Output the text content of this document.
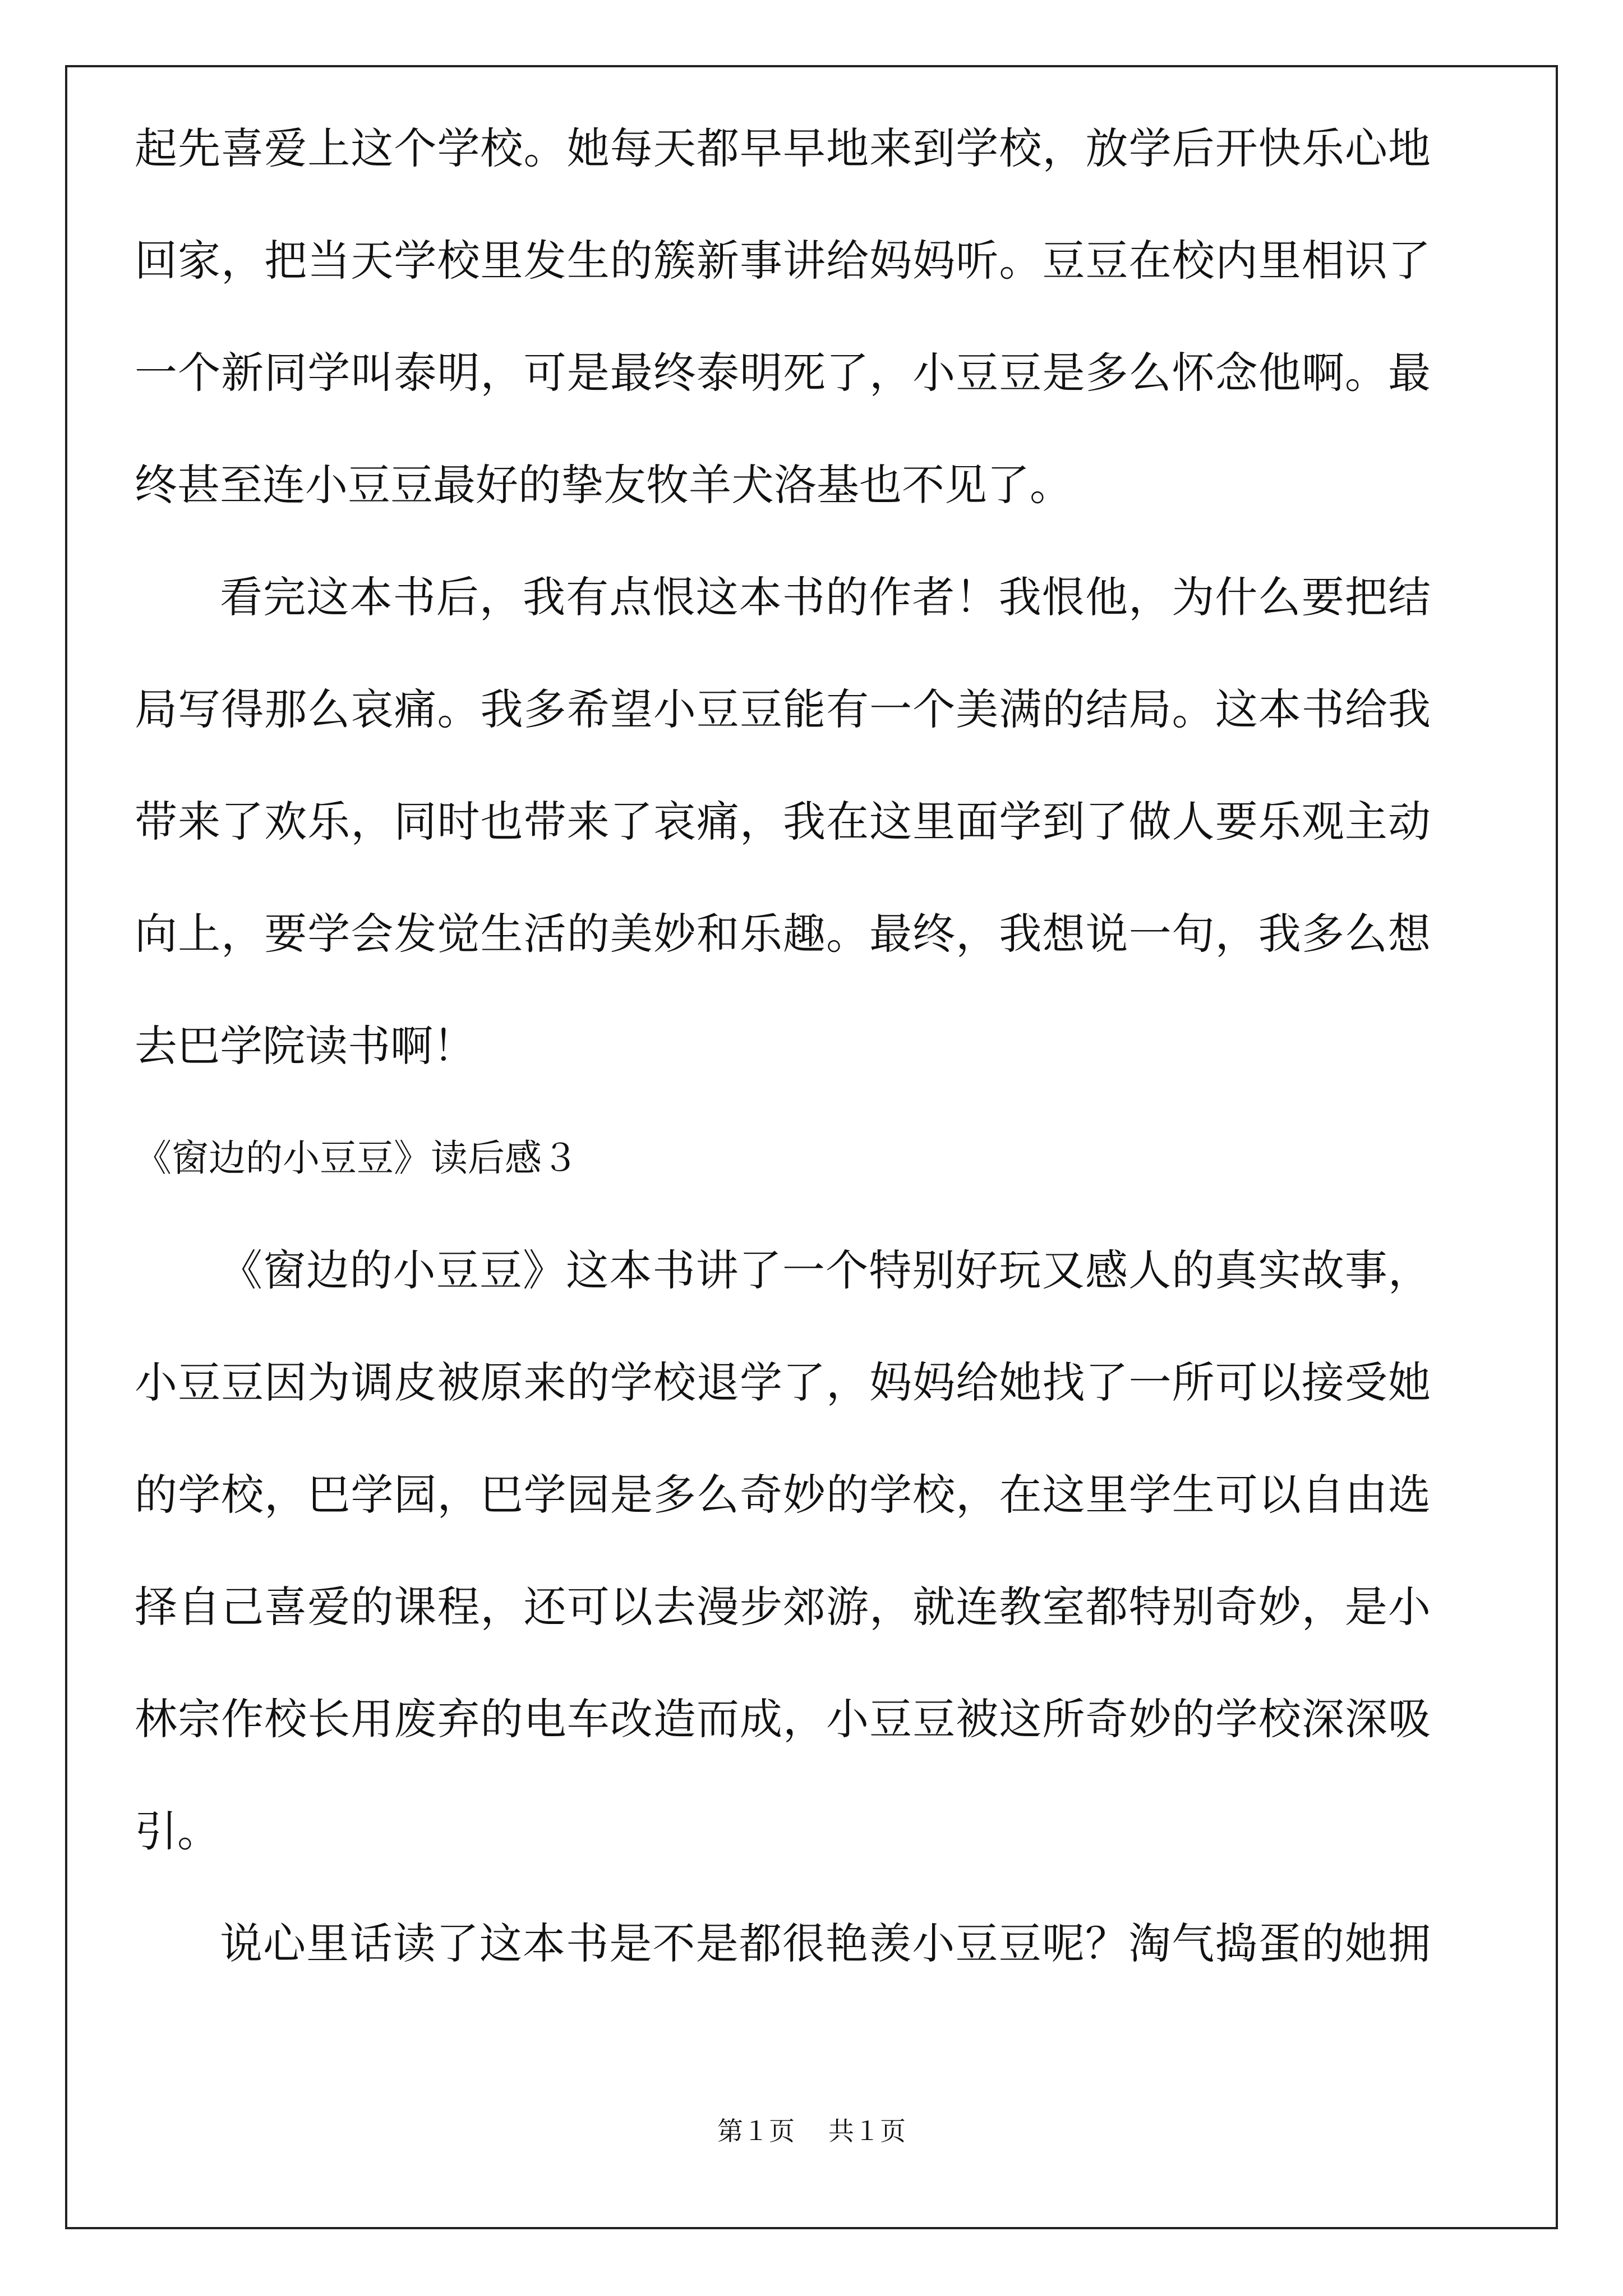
起先喜爱上这个学校。她每天都早早地来到学校，放学后开快乐心地
回家，把当天学校里发生的簇新事讲给妈妈听。豆豆在校内里相识了
一个新同学叫泰明，可是最终泰明死了，小豆豆是多么怀念他啊。最
终甚至连小豆豆最好的挚友牧羊犬洛基也不见了。
看完这本书后，我有点恨这本书的作者！我恨他，为什么要把结
局写得那么哀痛。我多希望小豆豆能有一个美满的结局。这本书给我
带来了欢乐，同时也带来了哀痛，我在这里面学到了做人要乐观主动
向上，要学会发觉生活的美妙和乐趣。最终，我想说一句，我多么想
去巴学院读书啊！
《窗边的小豆豆》读后感３
《窗边的小豆豆》这本书讲了一个特别好玩又感人的真实故事，
小豆豆因为调皮被原来的学校退学了，妈妈给她找了一所可以接受她
的学校，巴学园，巴学园是多么奇妙的学校，在这里学生可以自由选
择自己喜爱的课程，还可以去漫步郊游，就连教室都特别奇妙，是小
林宗作校长用废弃的电车改造而成，小豆豆被这所奇妙的学校深深吸
引。
说心里话读了这本书是不是都很艳羡小豆豆呢？淘气捣蛋的她拥
第１页 共１页
